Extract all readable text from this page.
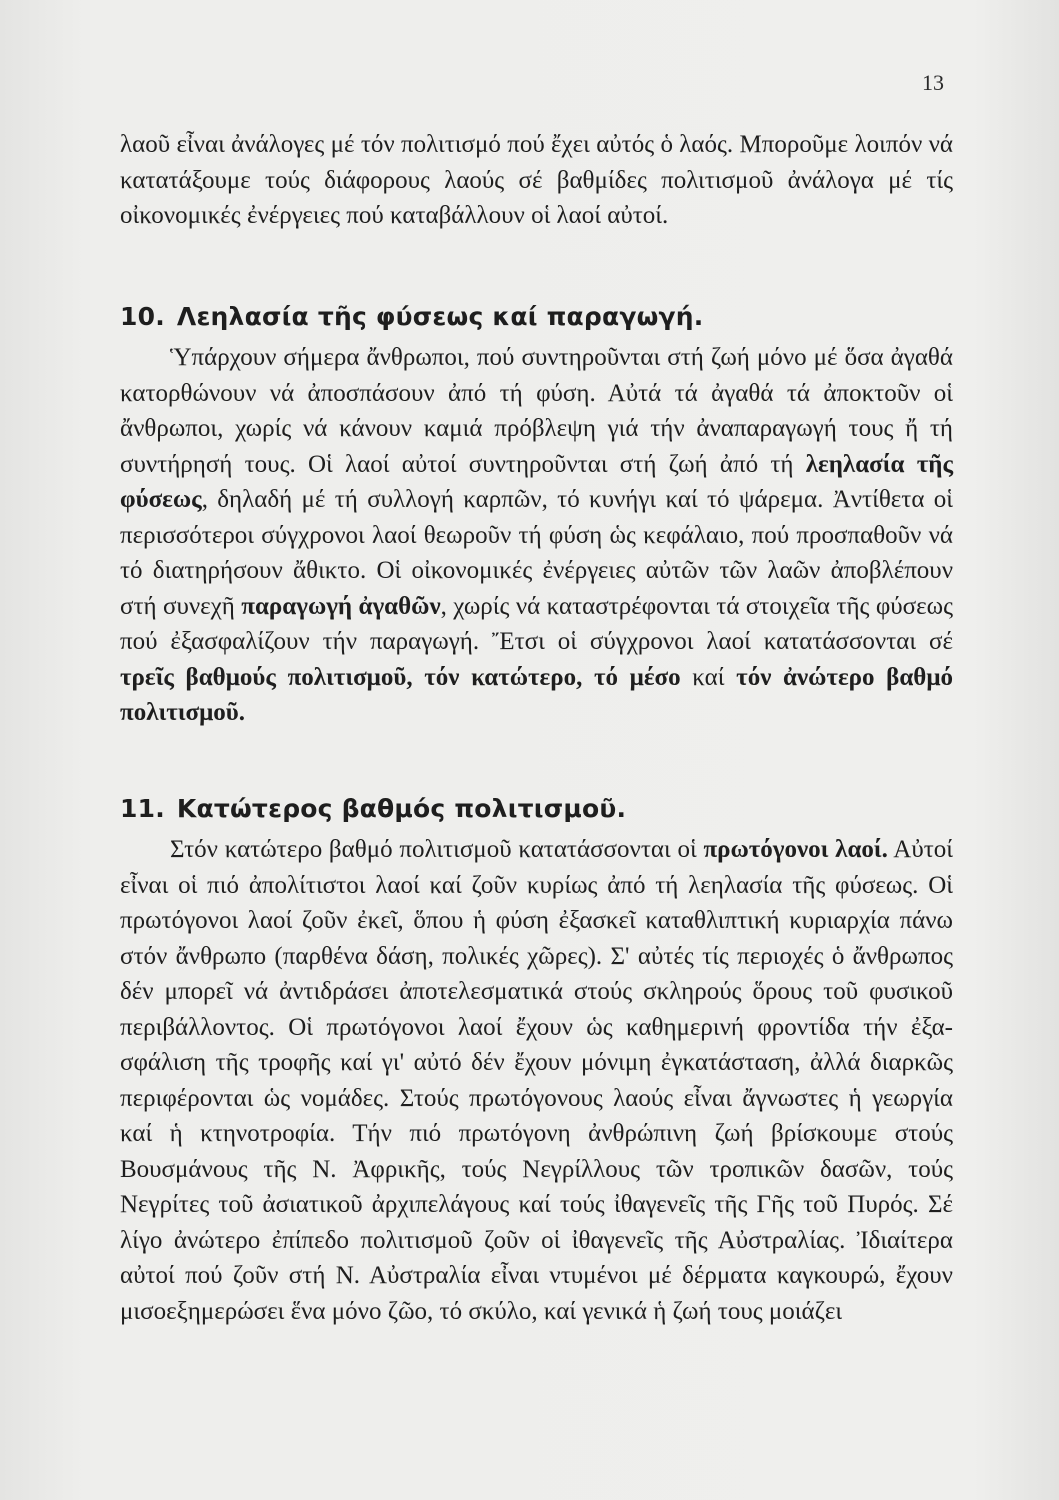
13

λαοῦ εἶναι ἀνάλογες μέ τόν πολιτισμό πού ἔχει αὐτός ὁ λαός. Μποροῦμε λοιπόν νά κατατάξουμε τούς διάφορους λαούς σέ βαθμίδες πολιτισμοῦ ἀνάλογα μέ τίς οἰκονομικές ἐνέργειες πού καταβάλλουν οἱ λαοί αὐτοί.

10. Λεηλασία τῆς φύσεως καί παραγωγή.

Ὑπάρχουν σήμερα ἄνθρωποι, πού συντηροῦνται στή ζωή μόνο μέ ὅσα ἀγαθά κατορθώνουν νά ἀποσπάσουν ἀπό τή φύση. Αὐτά τά ἀγαθά τά ἀποκτοῦν οἱ ἄνθρωποι, χωρίς νά κάνουν καμιά πρόβλεψη γιά τήν ἀναπαραγωγή τους ἤ τή συντήρησή τους. Οἱ λαοί αὐτοί συντηροῦνται στή ζωή ἀπό τή λεηλασία τῆς φύσεως, δηλαδή μέ τή συλλογή καρπῶν, τό κυνήγι καί τό ψάρεμα. Ἀντίθετα οἱ περισσότεροι σύγχρονοι λαοί θεωροῦν τή φύση ὡς κεφάλαιο, πού προσπαθοῦν νά τό διατηρήσουν ἄθικτο. Οἱ οἰκονομικές ἐνέργειες αὐτῶν τῶν λαῶν ἀποβλέπουν στή συνεχῆ παραγωγή ἀγαθῶν, χωρίς νά καταστρέφονται τά στοιχεῖα τῆς φύσεως πού ἐξασφαλίζουν τήν παραγωγή. Ἔτσι οἱ σύγχρονοι λαοί κατατάσσονται σέ τρεῖς βαθμούς πολιτισμοῦ, τόν κατώτερο, τό μέσο καί τόν ἀνώτερο βαθμό πολιτισμοῦ.

11. Κατώτερος βαθμός πολιτισμοῦ.

Στόν κατώτερο βαθμό πολιτισμοῦ κατατάσσονται οἱ πρωτόγονοι λαοί. Αὐτοί εἶναι οἱ πιό ἀπολίτιστοι λαοί καί ζοῦν κυρίως ἀπό τή λεηλασία τῆς φύσεως. Οἱ πρωτόγονοι λαοί ζοῦν ἐκεῖ, ὅπου ἡ φύση ἐξασκεῖ καταθλιπτική κυριαρχία πάνω στόν ἄνθρωπο (παρθένα δάση, πολικές χῶρες). Σ' αὐτές τίς περιοχές ὁ ἄνθρωπος δέν μπορεῖ νά ἀντιδράσει ἀποτελεσματικά στούς σκληρούς ὅρους τοῦ φυσικοῦ περιβάλλοντος. Οἱ πρωτόγονοι λαοί ἔχουν ὡς καθημερινή φροντίδα τήν ἐξασφάλιση τῆς τροφῆς καί γι' αὐτό δέν ἔχουν μόνιμη ἐγκατάσταση, ἀλλά διαρκῶς περιφέρονται ὡς νομάδες. Στούς πρωτόγονους λαούς εἶναι ἄγνωστες ἡ γεωργία καί ἡ κτηνοτροφία. Τήν πιό πρωτόγονη ἀνθρώπινη ζωή βρίσκουμε στούς Βουσμάνους τῆς Ν. Ἀφρικῆς, τούς Νεγρίλλους τῶν τροπικῶν δασῶν, τούς Νεγρίτες τοῦ ἀσιατικοῦ ἀρχιπελάγους καί τούς ἰθαγενεῖς τῆς Γῆς τοῦ Πυρός. Σέ λίγο ἀνώτερο ἐπίπεδο πολιτισμοῦ ζοῦν οἱ ἰθαγενεῖς τῆς Αὐστραλίας. Ἰδιαίτερα αὐτοί πού ζοῦν στή Ν. Αὐστραλία εἶναι ντυμένοι μέ δέρματα καγκουρώ, ἔχουν μισοεξημερώσει ἕνα μόνο ζῶο, τό σκύλο, καί γενικά ἡ ζωή τους μοιάζει
